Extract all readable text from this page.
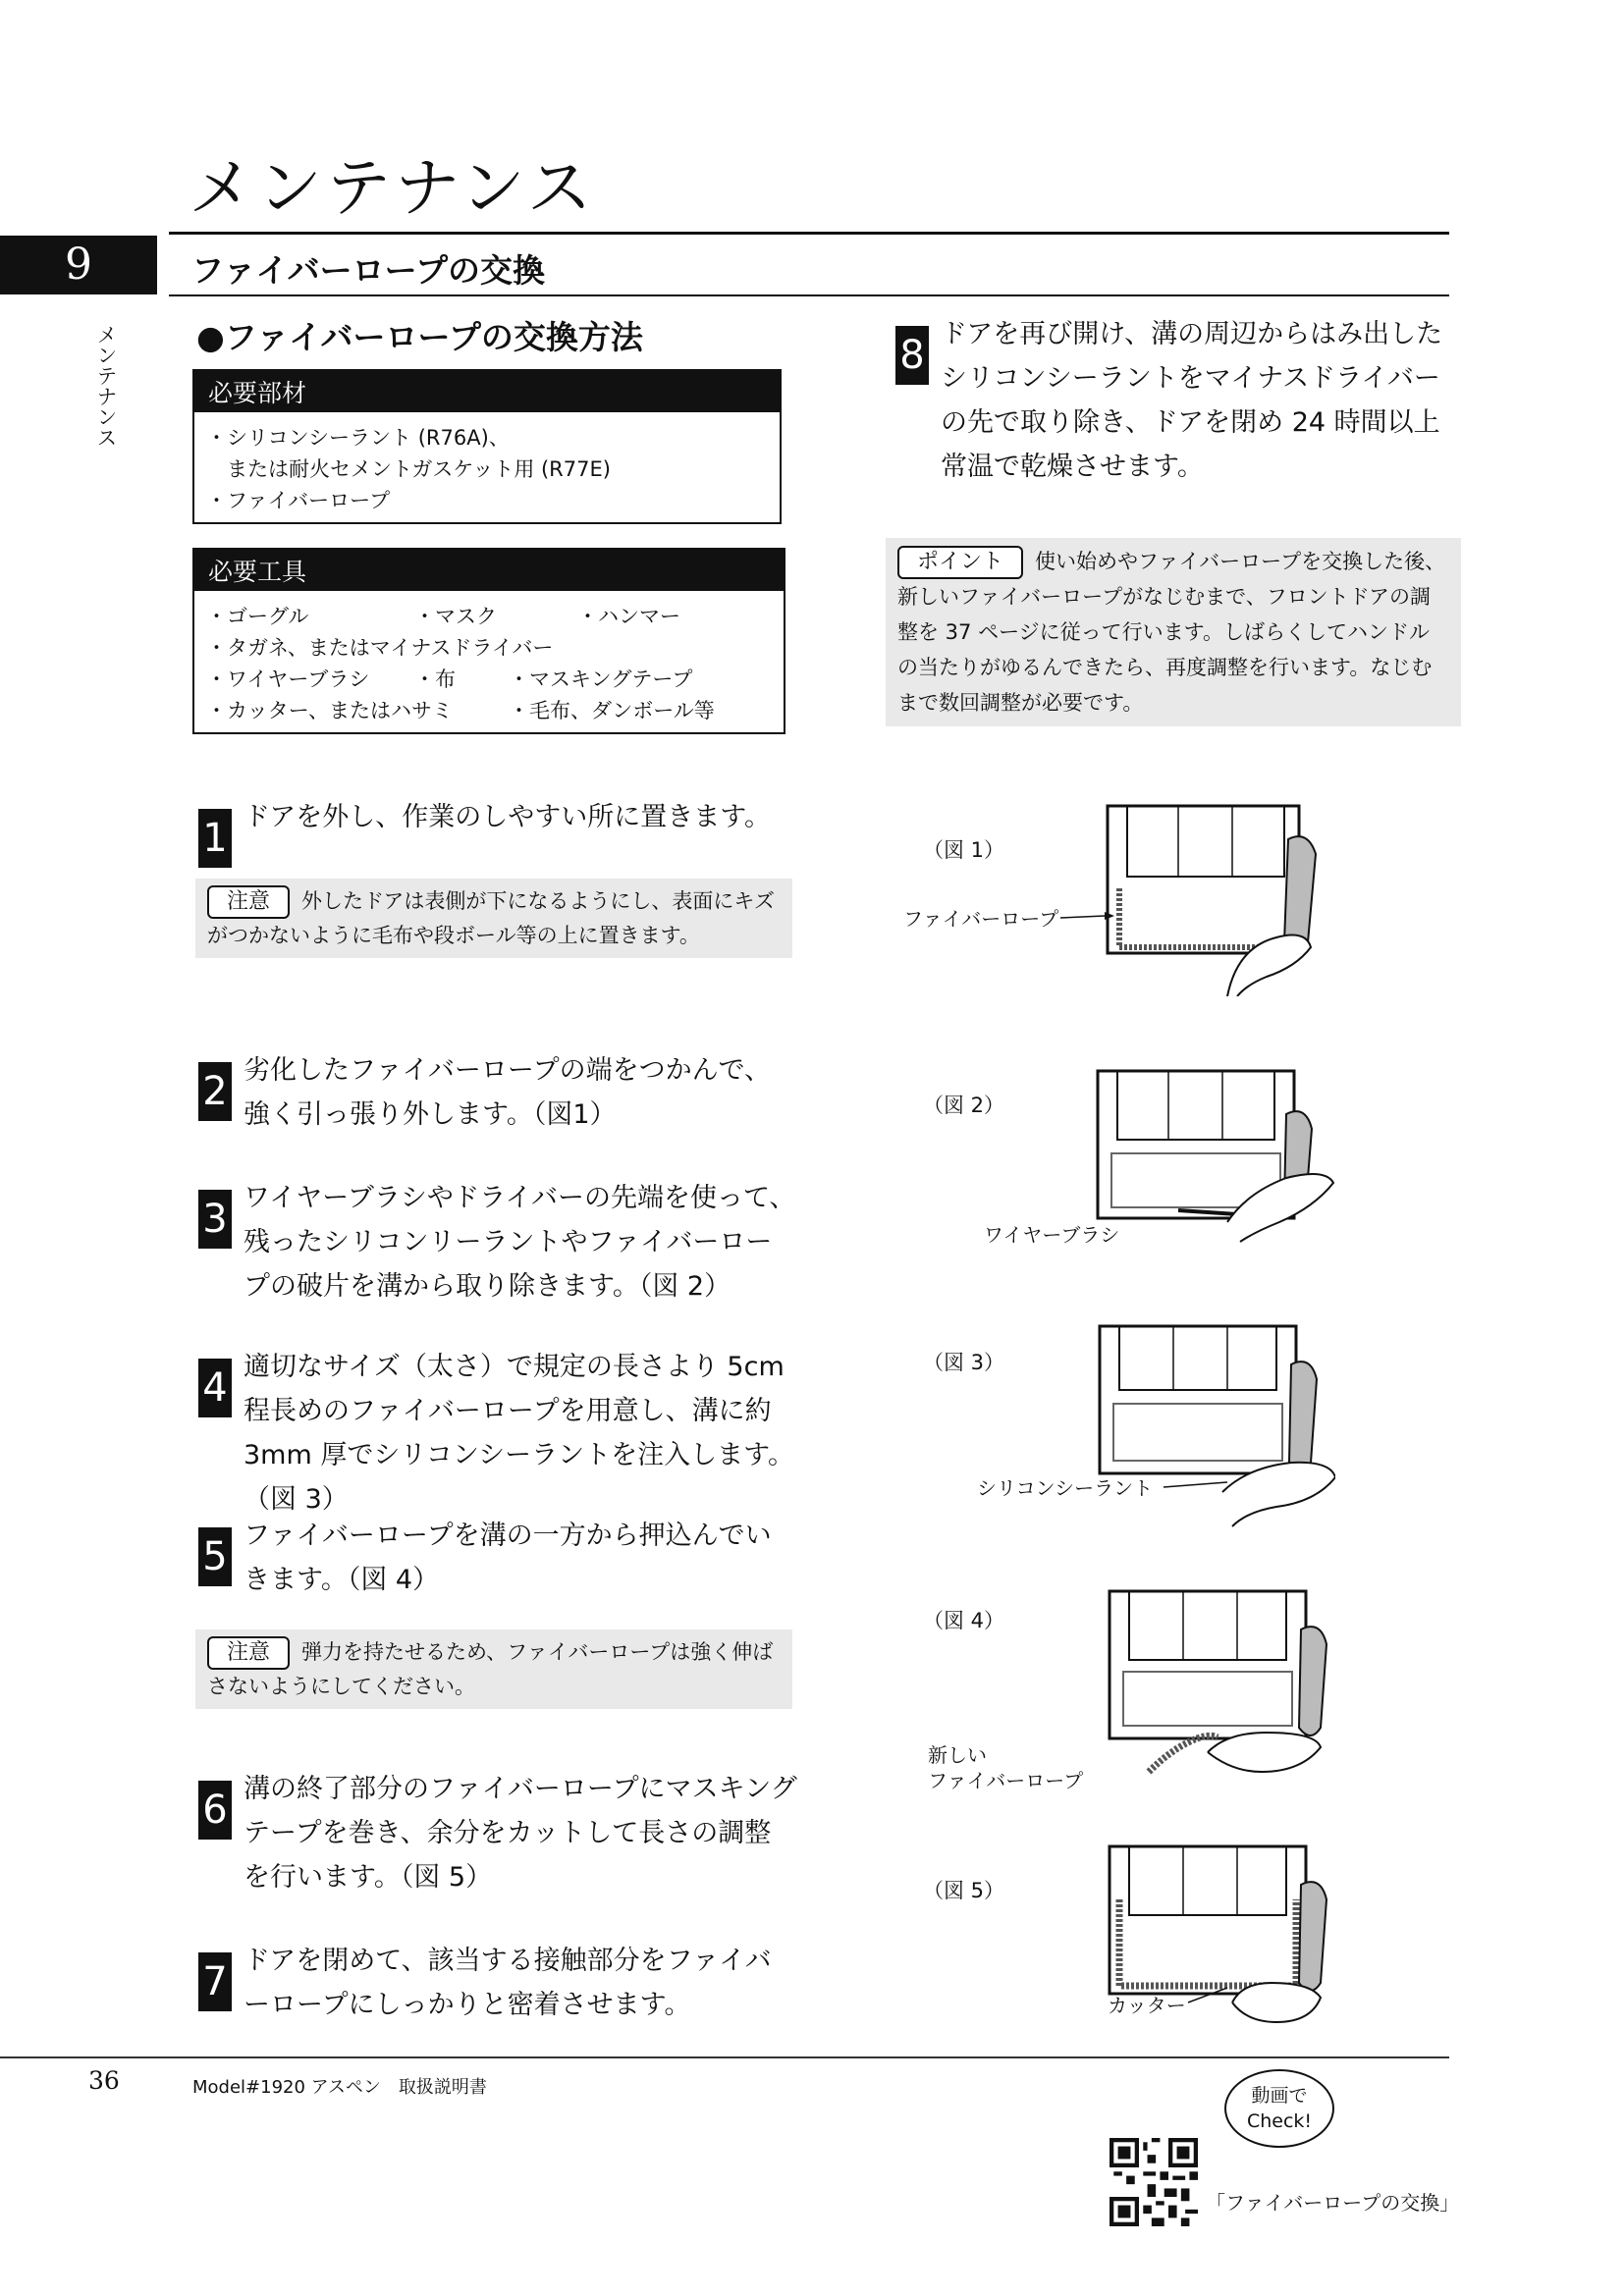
メンテナンス
9	ファイバーロープの交換
メンテナンス ●ファイバーロープの交換方法
必要部材
・シリコンシーラント (R76A)、
　または耐火セメントガスケット用 (R77E)
・ファイバーロープ
必要工具
・ゴーグル	・マスク	・ハンマー
・タガネ、またはマイナスドライバー
・ワイヤーブラシ	・布	・マスキングテープ
・カッター、またはハサミ	・毛布、ダンボール等
1 ドアを外し、作業のしやすい所に置きます。
注意 外したドアは表側が下になるようにし、表面にキズがつかないように毛布や段ボール等の上に置きます。
2 劣化したファイバーロープの端をつかんで、強く引っ張り外します。（図1）
3 ワイヤーブラシやドライバーの先端を使って、残ったシリコンリーラントやファイバーロープの破片を溝から取り除きます。（図 2）
4 適切なサイズ（太さ）で規定の長さより 5cm 程長めのファイバーロープを用意し、溝に約 3mm 厚でシリコンシーラントを注入します。（図 3）
5 ファイバーロープを溝の一方から押込んでいきます。（図 4）
注意 弾力を持たせるため、ファイバーロープは強く伸ばさないようにしてください。
6 溝の終了部分のファイバーロープにマスキングテープを巻き、余分をカットして長さの調整を行います。（図 5）
7 ドアを閉めて、該当する接触部分をファイバーロープにしっかりと密着させます。
8 ドアを再び開け、溝の周辺からはみ出したシリコンシーラントをマイナスドライバーの先で取り除き、ドアを閉め 24 時間以上常温で乾燥させます。
ポイント 使い始めやファイバーロープを交換した後、新しいファイバーロープがなじむまで、フロントドアの調整を 37 ページに従って行います。しばらくしてハンドルの当たりがゆるんできたら、再度調整を行います。なじむまで数回調整が必要です。
（図 1）
ファイバーロープ
（図 2）
ワイヤーブラシ
（図 3）
シリコンシーラント
（図 4）
新しい
ファイバーロープ
（図 5）
カッター
36	Model#1920 アスペン　取扱説明書	動画で
Check!
「ファイバーロープの交換」
